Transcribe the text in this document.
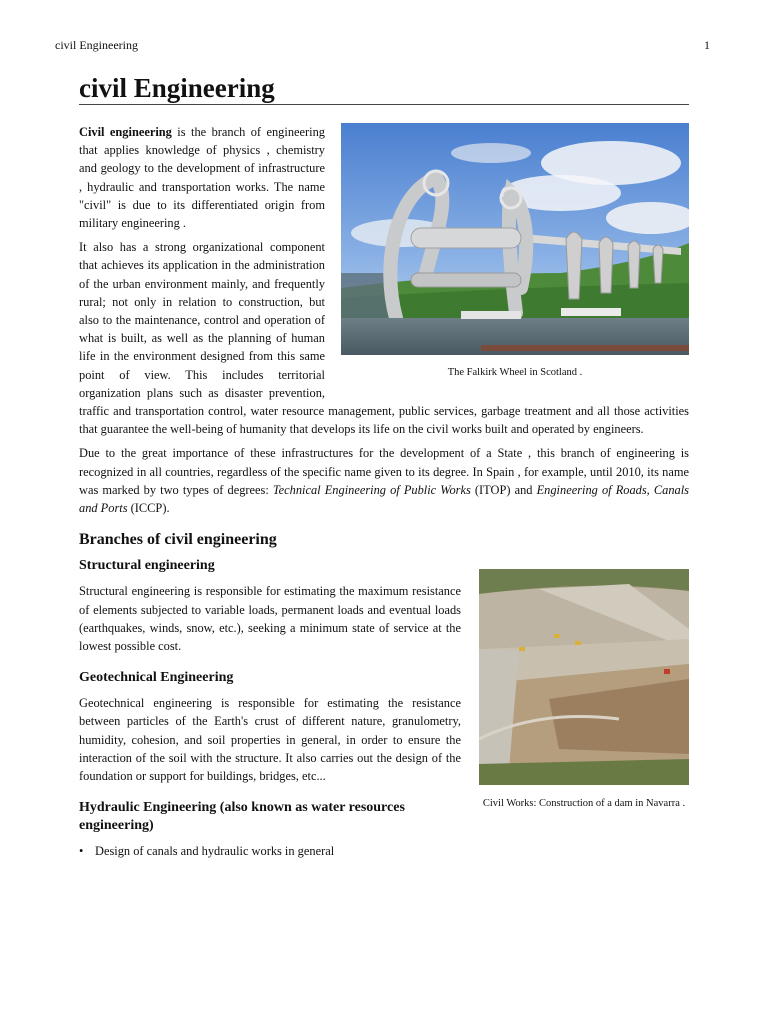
civil Engineering	1
civil Engineering
The Falkirk Wheel in Scotland .

Civil engineering is the branch of engineering that applies knowledge of physics , chemistry and geology to the development of infrastructure , hydraulic and transportation works. The name "civil" is due to its differentiated origin from military engineering .

It also has a strong organizational component that achieves its application in the administration of the urban environment mainly, and frequently rural; not only in relation to construction, but also to the maintenance, control and operation of what is built, as well as the planning of human life in the environment designed from this same point of view. This includes territorial organization plans such as disaster prevention, traffic and transportation control, water resource management, public services, garbage treatment and all those activities that guarantee the well-being of humanity that develops its life on the civil works built and operated by engineers.

Due to the great importance of these infrastructures for the development of a State , this branch of engineering is recognized in all countries, regardless of the specific name given to its degree. In Spain , for example, until 2010, its name was marked by two types of degrees: Technical Engineering of Public Works (ITOP) and Engineering of Roads, Canals and Ports (ICCP).

Branches of civil engineering
Civil Works: Construction of a dam in Navarra .
Structural engineering

Structural engineering is responsible for estimating the maximum resistance of elements subjected to variable loads, permanent loads and eventual loads (earthquakes, winds, snow, etc.), seeking a minimum state of service at the lowest possible cost.

Geotechnical Engineering

Geotechnical engineering is responsible for estimating the resistance between particles of the Earth's crust of different nature, granulometry, humidity, cohesion, and soil properties in general, in order to ensure the interaction of the soil with the structure. It also carries out the design of the foundation or support for buildings, bridges, etc...

Hydraulic Engineering (also known as water resources engineering)
• Design of canals and hydraulic works in general
